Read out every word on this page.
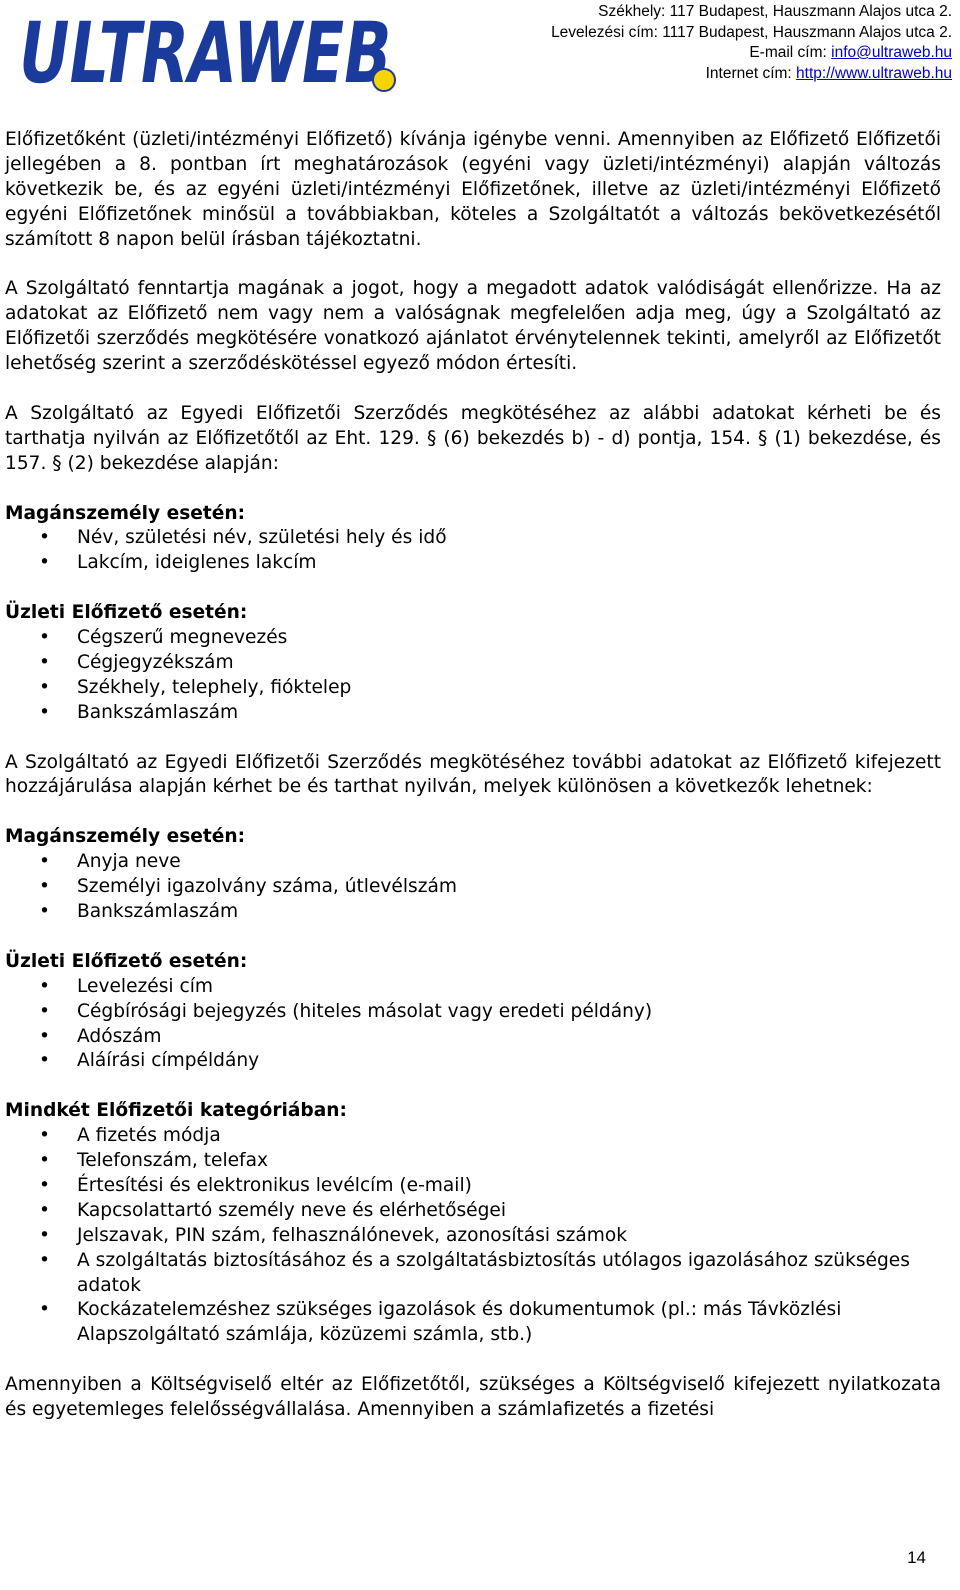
ULTRAWEB	Székhely: 117 Budapest, Hauszmann Alajos utca 2.
Levelezési cím: 1117 Budapest, Hauszmann Alajos utca 2.
E-mail cím: info@ultraweb.hu
Internet cím: http://www.ultraweb.hu

Előfizetőként (üzleti/intézményi Előfizető) kívánja igénybe venni. Amennyiben az Előfizető Előfizetői jellegében a 8. pontban írt meghatározások (egyéni vagy üzleti/intézményi) alapján változás következik be, és az egyéni üzleti/intézményi Előfizetőnek, illetve az üzleti/intézményi Előfizető egyéni Előfizetőnek minősül a továbbiakban, köteles a Szolgáltatót a változás bekövetkezésétől számított 8 napon belül írásban tájékoztatni.

A Szolgáltató fenntartja magának a jogot, hogy a megadott adatok valódiságát ellenőrizze. Ha az adatokat az Előfizető nem vagy nem a valóságnak megfelelően adja meg, úgy a Szolgáltató az Előfizetői szerződés megkötésére vonatkozó ajánlatot érvénytelennek tekinti, amelyről az Előfizetőt lehetőség szerint a szerződéskötéssel egyező módon értesíti.

A Szolgáltató az Egyedi Előfizetői Szerződés megkötéséhez az alábbi adatokat kérheti be és tarthatja nyilván az Előfizetőtől az Eht. 129. § (6) bekezdés b) - d) pontja, 154. § (1) bekezdése, és 157. § (2) bekezdése alapján:

Magánszemély esetén:
• Név, születési név, születési hely és idő
• Lakcím, ideiglenes lakcím
Üzleti Előfizető esetén:
• Cégszerű megnevezés
• Cégjegyzékszám
• Székhely, telephely, fióktelep
• Bankszámlaszám

A Szolgáltató az Egyedi Előfizetői Szerződés megkötéséhez további adatokat az Előfizető kifejezett hozzájárulása alapján kérhet be és tarthat nyilván, melyek különösen a következők lehetnek:

Magánszemély esetén:
• Anyja neve
• Személyi igazolvány száma, útlevélszám
• Bankszámlaszám
Üzleti Előfizető esetén:
• Levelezési cím
• Cégbírósági bejegyzés (hiteles másolat vagy eredeti példány)
• Adószám
• Aláírási címpéldány
Mindkét Előfizetői kategóriában:
• A fizetés módja
• Telefonszám, telefax
• Értesítési és elektronikus levélcím (e-mail)
• Kapcsolattartó személy neve és elérhetőségei
• Jelszavak, PIN szám, felhasználónevek, azonosítási számok
• A szolgáltatás biztosításához és a szolgáltatásbiztosítás utólagos igazolásához szükséges adatok
• Kockázatelemzéshez szükséges igazolások és dokumentumok (pl.: más Távközlési Alapszolgáltató számlája, közüzemi számla, stb.)

Amennyiben a Költségviselő eltér az Előfizetőtől, szükséges a Költségviselő kifejezett nyilatkozata és egyetemleges felelősségvállalása. Amennyiben a számlafizetés a fizetési

14
